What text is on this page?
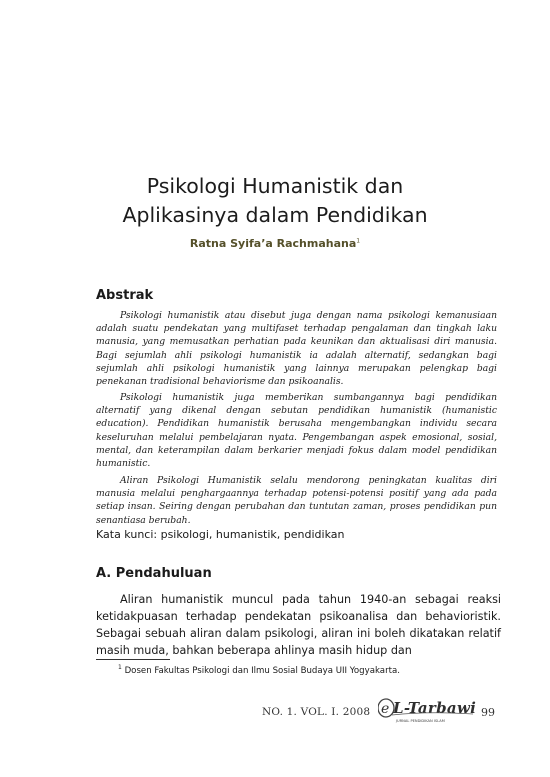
Psikologi Humanistik dan
Aplikasinya dalam Pendidikan
Ratna Syifa’a Rachmahana$^1$
Abstrak

Psikologi humanistik atau disebut juga dengan nama psikologi kemanusiaan adalah suatu pendekatan yang multifaset terhadap pengalaman dan tingkah laku manusia, yang memusatkan perhatian pada keunikan dan aktualisasi diri manusia. Bagi sejumlah ahli psikologi humanistik ia adalah alternatif, sedangkan bagi sejumlah ahli psikologi humanistik yang lainnya merupakan pelengkap bagi penekanan tradisional behaviorisme dan psikoanalis.

Psikologi humanistik juga memberikan sumbangannya bagi pendidikan alternatif yang dikenal dengan sebutan pendidikan humanistik (humanistic education). Pendidikan humanistik berusaha mengembangkan individu secara keseluruhan melalui pembelajaran nyata. Pengembangan aspek emosional, sosial, mental, dan keterampilan dalam berkarier menjadi fokus dalam model pendidikan humanistic.

Aliran Psikologi Humanistik selalu mendorong peningkatan kualitas diri manusia melalui penghargaannya terhadap potensi-potensi positif yang ada pada setiap insan. Seiring dengan perubahan dan tuntutan zaman, proses pendidikan pun senantiasa berubah.

Kata kunci: psikologi, humanistik, pendidikan
A. Pendahuluan

Aliran humanistik muncul pada tahun 1940-an sebagai reaksi ketidakpuasan terhadap pendekatan psikoanalisa dan behavioristik. Sebagai sebuah aliran dalam psikologi, aliran ini boleh dikatakan relatif masih muda, bahkan beberapa ahlinya masih hidup dan

$^1$ Dosen Fakultas Psikologi dan Ilmu Sosial Budaya UII Yogyakarta.
NO. 1. VOL. I. 2008 e L-Tarbawi
JURNAL PENDIDIKAN ISLAM
99
